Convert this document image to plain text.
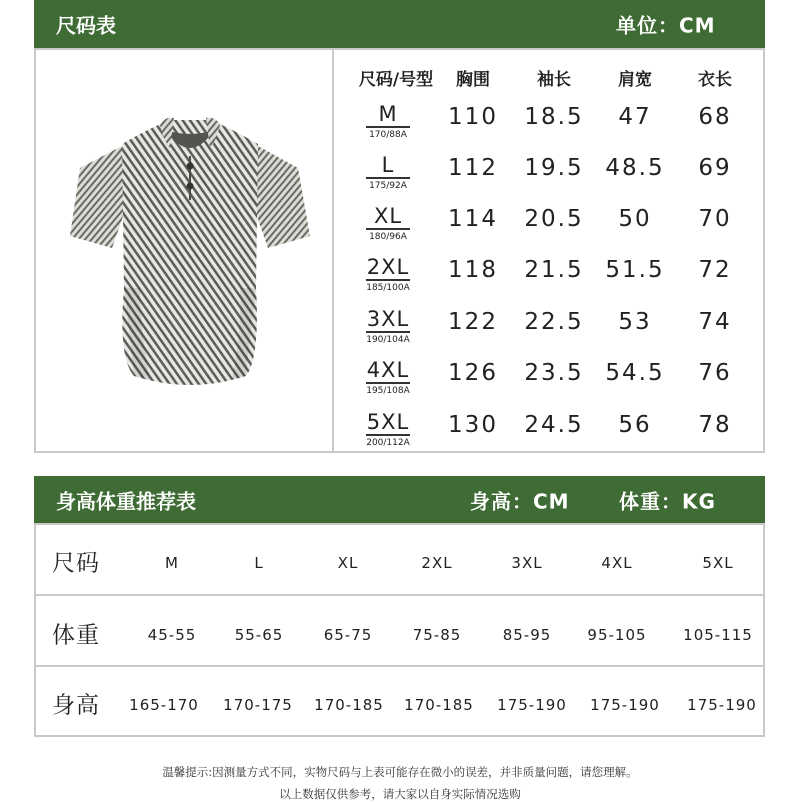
尺码表	单位：CM
尺码/号型 胸围	袖长	肩宽	衣长
M
170/88A
110 18.5 47 68
L
175/92A
112 19.5 48.5 69
XL
180/96A
114 20.5 50 70
2XL
185/100A
118 21.5 51.5 72
3XL
190/104A
122 22.5 53 74
4XL
195/108A
126 23.5 54.5 76
5XL
200/112A
130 24.5 56 78
身高体重推荐表	身高：CM 体重：KG
尺码	M	L	XL	2XL	3XL	4XL	5XL
体重	45-55	55-65	65-75	75-85	85-95 95-105 105-115
身高 165-170 170-175 170-185 170-185 175-190 175-190 175-190
温馨提示:因测量方式不同，实物尺码与上表可能存在微小的误差，并非质量问题，请您理解。
以上数据仅供参考，请大家以自身实际情况选购
